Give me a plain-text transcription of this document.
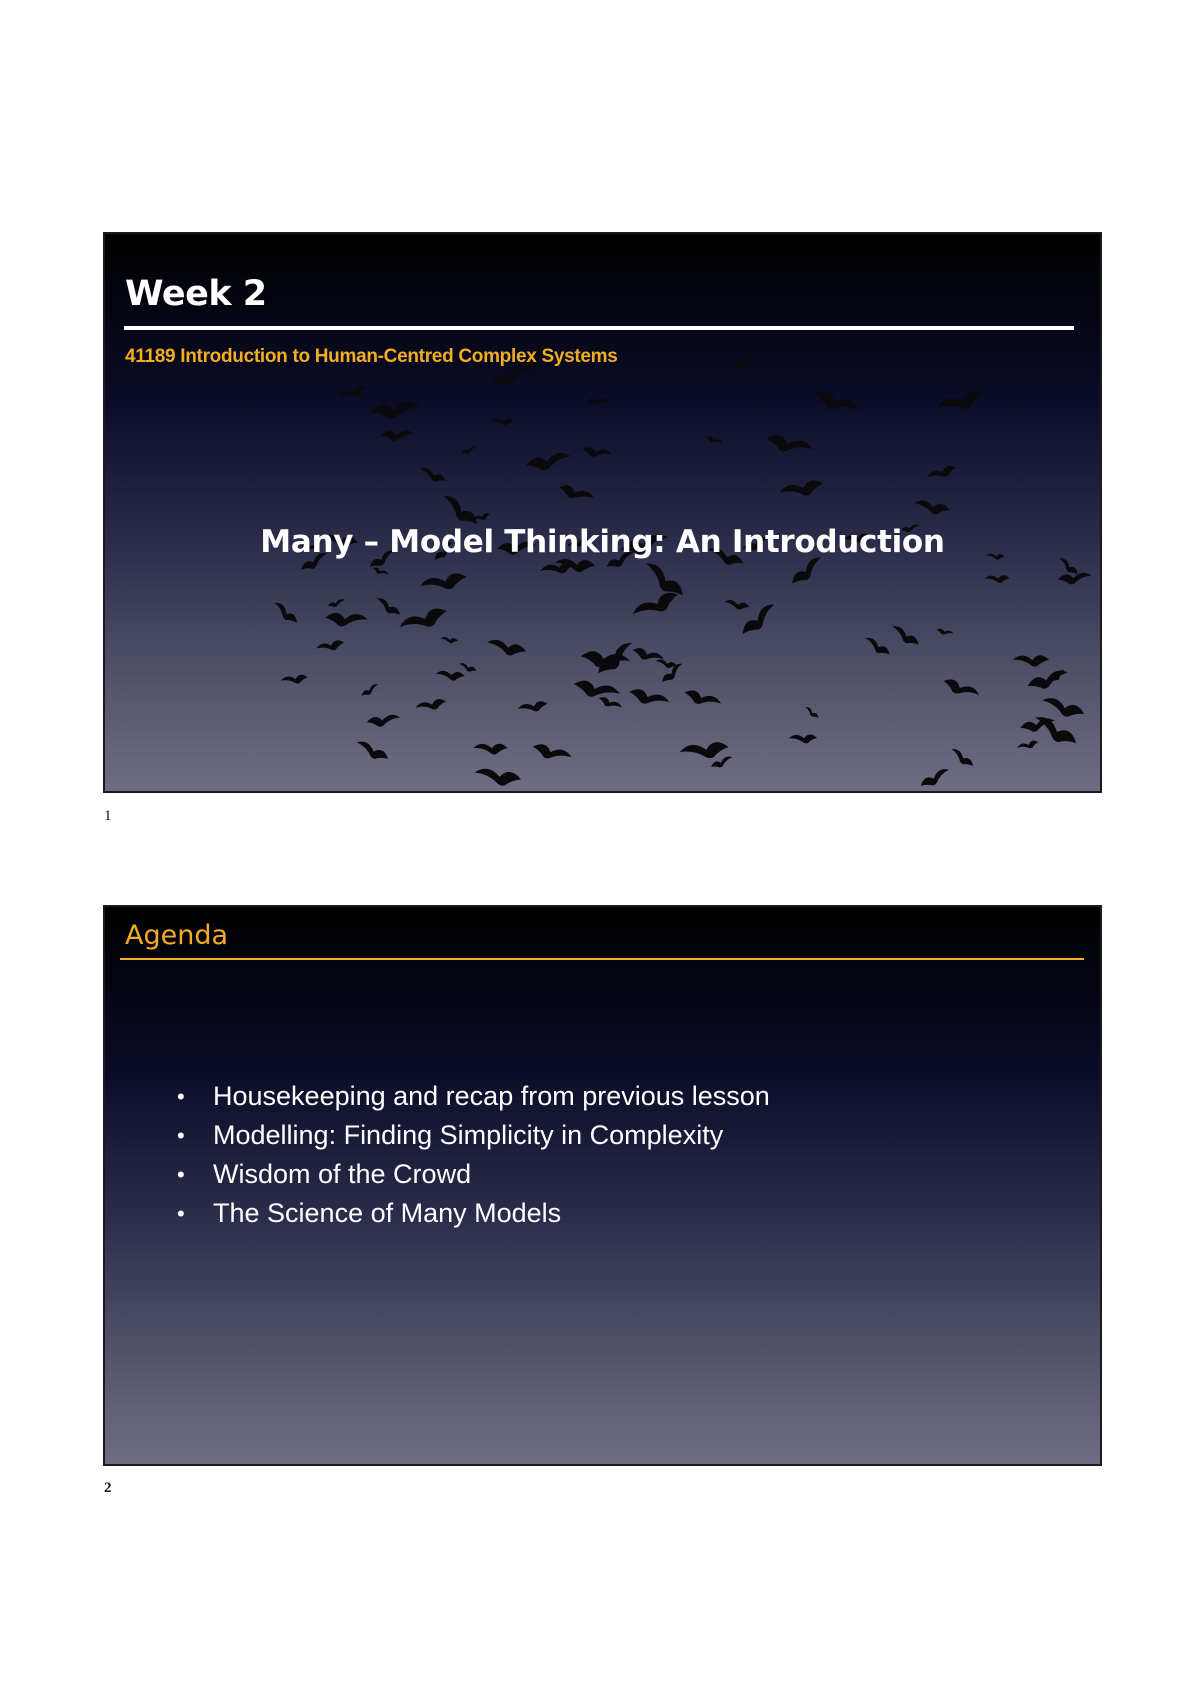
Week 2
41189 Introduction to Human-Centred Complex Systems
Many – Model Thinking: An Introduction
1
Agenda
• Housekeeping and recap from previous lesson
• Modelling: Finding Simplicity in Complexity
• Wisdom of the Crowd
• The Science of Many Models
2
